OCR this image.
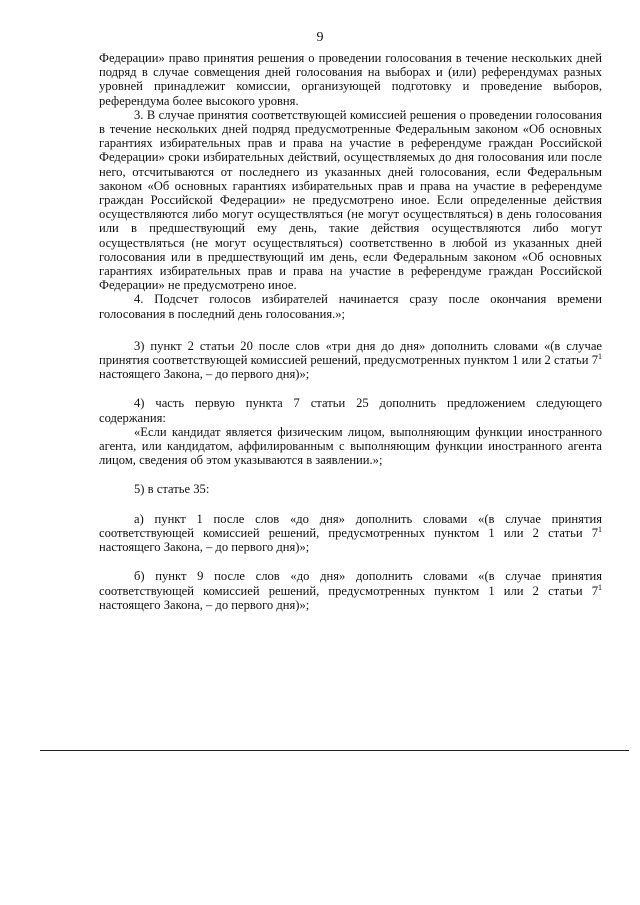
9

Федерации» право принятия решения о проведении голосования в течение нескольких дней подряд в случае совмещения дней голосования на выборах и (или) референдумах разных уровней принадлежит комиссии, организующей подготовку и проведение выборов, референдума более высокого уровня.

3. В случае принятия соответствующей комиссией решения о проведении голосования в течение нескольких дней подряд предусмотренные Федеральным законом «Об основных гарантиях избирательных прав и права на участие в референдуме граждан Российской Федерации» сроки избирательных действий, осуществляемых до дня голосования или после него, отсчитываются от последнего из указанных дней голосования, если Федеральным законом «Об основных гарантиях избирательных прав и права на участие в референдуме граждан Российской Федерации» не предусмотрено иное. Если определенные действия осуществляются либо могут осуществляться (не могут осуществляться) в день голосования или в предшествующий ему день, такие действия осуществляются либо могут осуществляться (не могут осуществляться) соответственно в любой из указанных дней голосования или в предшествующий им день, если Федеральным законом «Об основных гарантиях избирательных прав и права на участие в референдуме граждан Российской Федерации» не предусмотрено иное.

4. Подсчет голосов избирателей начинается сразу после окончания времени голосования в последний день голосования.»;

3) пункт 2 статьи 20 после слов «три дня до дня» дополнить словами «(в случае принятия соответствующей комиссией решений, предусмотренных пунктом 1 или 2 статьи $7^1$ настоящего Закона, – до первого дня)»;

4) часть первую пункта 7 статьи 25 дополнить предложением следующего содержания:

«Если кандидат является физическим лицом, выполняющим функции иностранного агента, или кандидатом, аффилированным с выполняющим функции иностранного агента лицом, сведения об этом указываются в заявлении.»;

5) в статье 35:

а) пункт 1 после слов «до дня» дополнить словами «(в случае принятия соответствующей комиссией решений, предусмотренных пунктом 1 или 2 статьи $7^1$ настоящего Закона, – до первого дня)»;

б) пункт 9 после слов «до дня» дополнить словами «(в случае принятия соответствующей комиссией решений, предусмотренных пунктом 1 или 2 статьи $7^1$ настоящего Закона, – до первого дня)»;
